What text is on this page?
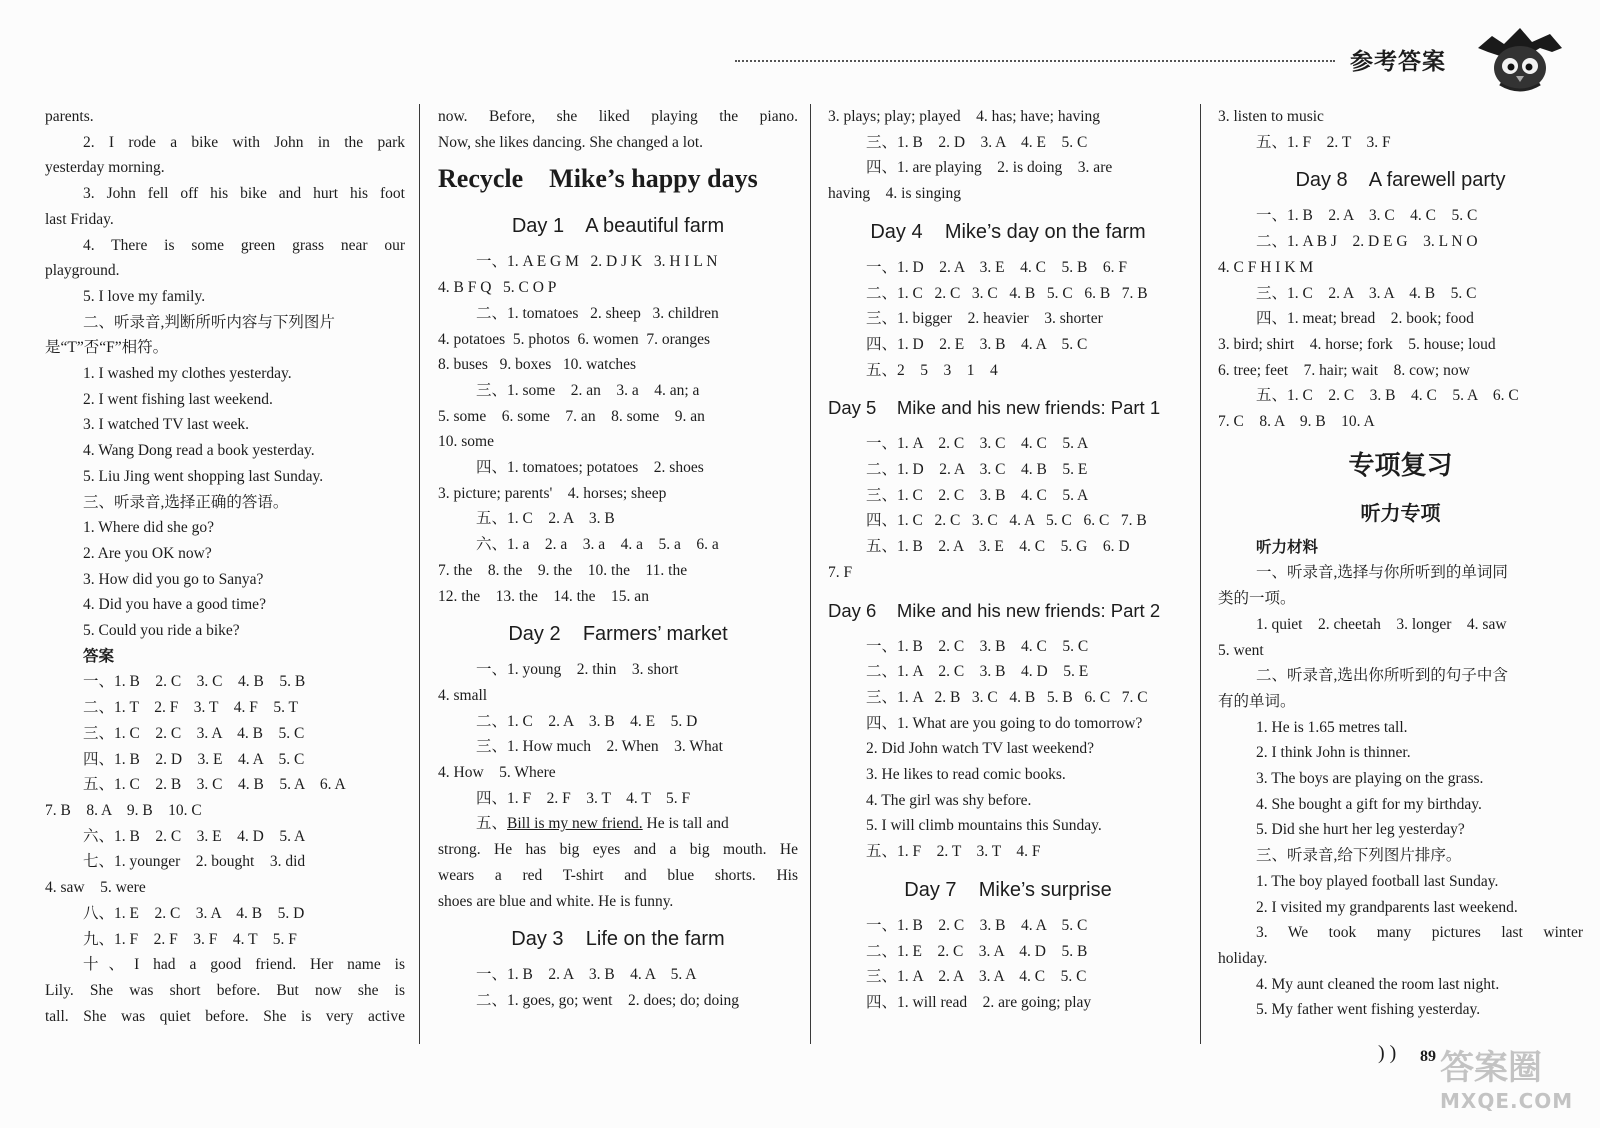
参考答案
parents.
2. I rode a bike with John in the park
yesterday morning.
3. John fell off his bike and hurt his foot
last Friday.
4. There is some green grass near our
playground.
5. I love my family.
二、听录音,判断所听内容与下列图片
是“T”否“F”相符。
1. I washed my clothes yesterday.
2. I went fishing last weekend.
3. I watched TV last week.
4. Wang Dong read a book yesterday.
5. Liu Jing went shopping last Sunday.
三、听录音,选择正确的答语。
1. Where did she go?
2. Are you OK now?
3. How did you go to Sanya?
4. Did you have a good time?
5. Could you ride a bike?
答案
一、1. B    2. C    3. C    4. B    5. B
二、1. T    2. F    3. T    4. F    5. T
三、1. C    2. C    3. A    4. B    5. C
四、1. B    2. D    3. E    4. A    5. C
五、1. C    2. B    3. C    4. B    5. A    6. A
7. B    8. A    9. B    10. C
六、1. B    2. C    3. E    4. D    5. A
七、1. younger    2. bought    3. did
4. saw    5. were
八、1. E    2. C    3. A    4. B    5. D
九、1. F    2. F    3. F    4. T    5. F
十、I had a good friend. Her name is
Lily. She was short before. But now she is
tall. She was quiet before. She is very active
now. Before, she liked playing the piano.
Now, she likes dancing. She changed a lot.
Recycle    Mike’s happy days
Day 1    A beautiful farm
一、1. A E G M   2. D J K   3. H I L N
4. B F Q   5. C O P
二、1. tomatoes   2. sheep   3. children
4. potatoes  5. photos  6. women  7. oranges
8. buses   9. boxes   10. watches
三、1. some    2. an    3. a    4. an; a
5. some    6. some    7. an    8. some    9. an
10. some
四、1. tomatoes; potatoes    2. shoes
3. picture; parents'    4. horses; sheep
五、1. C    2. A    3. B
六、1. a    2. a    3. a    4. a    5. a    6. a
7. the    8. the    9. the    10. the    11. the
12. the    13. the    14. the    15. an
Day 2    Farmers’ market
一、1. young    2. thin    3. short
4. small
二、1. C    2. A    3. B    4. E    5. D
三、1. How much    2. When    3. What
4. How    5. Where
四、1. F    2. F    3. T    4. T    5. F
五、Bill is my new friend. He is tall and
strong. He has big eyes and a big mouth. He
wears a red T-shirt and blue shorts. His
shoes are blue and white. He is funny.
Day 3    Life on the farm
一、1. B    2. A    3. B    4. A    5. A
二、1. goes, go; went    2. does; do; doing
3. plays; play; played    4. has; have; having
三、1. B    2. D    3. A    4. E    5. C
四、1. are playing    2. is doing    3. are
having    4. is singing
Day 4    Mike’s day on the farm
一、1. D    2. A    3. E    4. C    5. B    6. F
二、1. C   2. C   3. C   4. B   5. C   6. B   7. B
三、1. bigger    2. heavier    3. shorter
四、1. D    2. E    3. B    4. A    5. C
五、2    5    3    1    4
Day 5    Mike and his new friends: Part 1
一、1. A    2. C    3. C    4. C    5. A
二、1. D    2. A    3. C    4. B    5. E
三、1. C    2. C    3. B    4. C    5. A
四、1. C   2. C   3. C   4. A   5. C   6. C   7. B
五、1. B    2. A    3. E    4. C    5. G    6. D
7. F
Day 6    Mike and his new friends: Part 2
一、1. B    2. C    3. B    4. C    5. C
二、1. A    2. C    3. B    4. D    5. E
三、1. A   2. B   3. C   4. B   5. B   6. C   7. C
四、1. What are you going to do tomorrow?
2. Did John watch TV last weekend?
3. He likes to read comic books.
4. The girl was shy before.
5. I will climb mountains this Sunday.
五、1. F    2. T    3. T    4. F
Day 7    Mike’s surprise
一、1. B    2. C    3. B    4. A    5. C
二、1. E    2. C    3. A    4. D    5. B
三、1. A    2. A    3. A    4. C    5. C
四、1. will read    2. are going; play
3. listen to music
五、1. F    2. T    3. F
Day 8    A farewell party
一、1. B    2. A    3. C    4. C    5. C
二、1. A B J    2. D E G    3. L N O
4. C F H I K M
三、1. C    2. A    3. A    4. B    5. C
四、1. meat; bread    2. book; food
3. bird; shirt    4. horse; fork    5. house; loud
6. tree; feet    7. hair; wait    8. cow; now
五、1. C    2. C    3. B    4. C    5. A    6. C
7. C    8. A    9. B    10. A
专项复习
听力专项
听力材料
一、听录音,选择与你所听到的单词同
类的一项。
1. quiet    2. cheetah    3. longer    4. saw
5. went
二、听录音,选出你所听到的句子中含
有的单词。
1. He is 1.65 metres tall.
2. I think John is thinner.
3. The boys are playing on the grass.
4. She bought a gift for my birthday.
5. Did she hurt her leg yesterday?
三、听录音,给下列图片排序。
1. The boy played football last Sunday.
2. I visited my grandparents last weekend.
3. We took many pictures last winter
holiday.
4. My aunt cleaned the room last night.
5. My father went fishing yesterday.
) ) 89 答案圈
MXQE.COM
